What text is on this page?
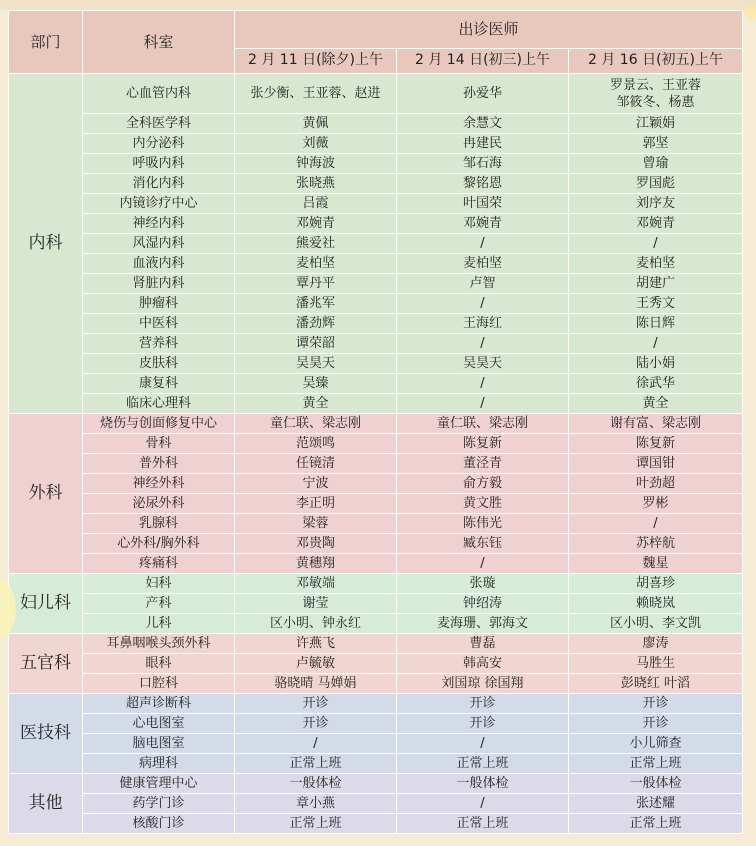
部门	科室	出诊医师		
		2 月 11 日(除夕)上午	2 月 14 日(初三)上午	2 月 16 日(初五)上午
内科	心血管内科	张少衡、王亚蓉、赵进	孙爱华	罗景云、王亚蓉
邹筱冬、杨惠
	全科医学科	黄佩	余慧文	江颖娟
	内分泌科	刘薇	冉建民	郭坚
	呼吸内科	钟海波	邹石海	曾瑜
	消化内科	张晓燕	黎铭恩	罗国彪
	内镜诊疗中心	吕霞	叶国荣	刘序友
	神经内科	邓婉青	邓婉青	邓婉青
	风湿内科	熊爱社	/	/
	血液内科	麦柏坚	麦柏坚	麦柏坚
	肾脏内科	覃丹平	卢智	胡建广
	肿瘤科	潘兆军	/	王秀文
	中医科	潘劲辉	王海红	陈日辉
	营养科	谭荣韶	/	/
	皮肤科	吴昊天	吴昊天	陆小娟
	康复科	吴臻	/	徐武华
	临床心理科	黄全	/	黄全
外科	烧伤与创面修复中心	童仁联、梁志刚	童仁联、梁志刚	谢有富、梁志刚
	骨科	范颂鸣	陈复新	陈复新
	普外科	任镜清	董泾青	谭国钳
	神经外科	宁波	俞方毅	叶劲超
	泌尿外科	李正明	黄文胜	罗彬
	乳腺科	梁蓉	陈伟光	/
	心外科/胸外科	邓贵陶	臧东钰	苏梓航
	疼痛科	黄穗翔	/	魏星
妇儿科	妇科	邓敏端	张璇	胡喜珍
	产科	谢莹	钟绍涛	赖晓岚
	儿科	区小明、钟永红	麦海珊、郭海文	区小明、李文凯
五官科	耳鼻咽喉头颈外科	许燕飞	曹磊	廖涛
	眼科	卢毓敏	韩高安	马胜生
	口腔科	骆晓晴 马婵娟	刘国琼 徐国翔	彭晓红 叶滔
医技科	超声诊断科	开诊	开诊	开诊
	心电图室	开诊	开诊	开诊
	脑电图室	/	/	小儿筛查
	病理科	正常上班	正常上班	正常上班
其他	健康管理中心	一般体检	一般体检	一般体检
	药学门诊	章小燕	/	张述耀
	核酸门诊	正常上班	正常上班	正常上班
